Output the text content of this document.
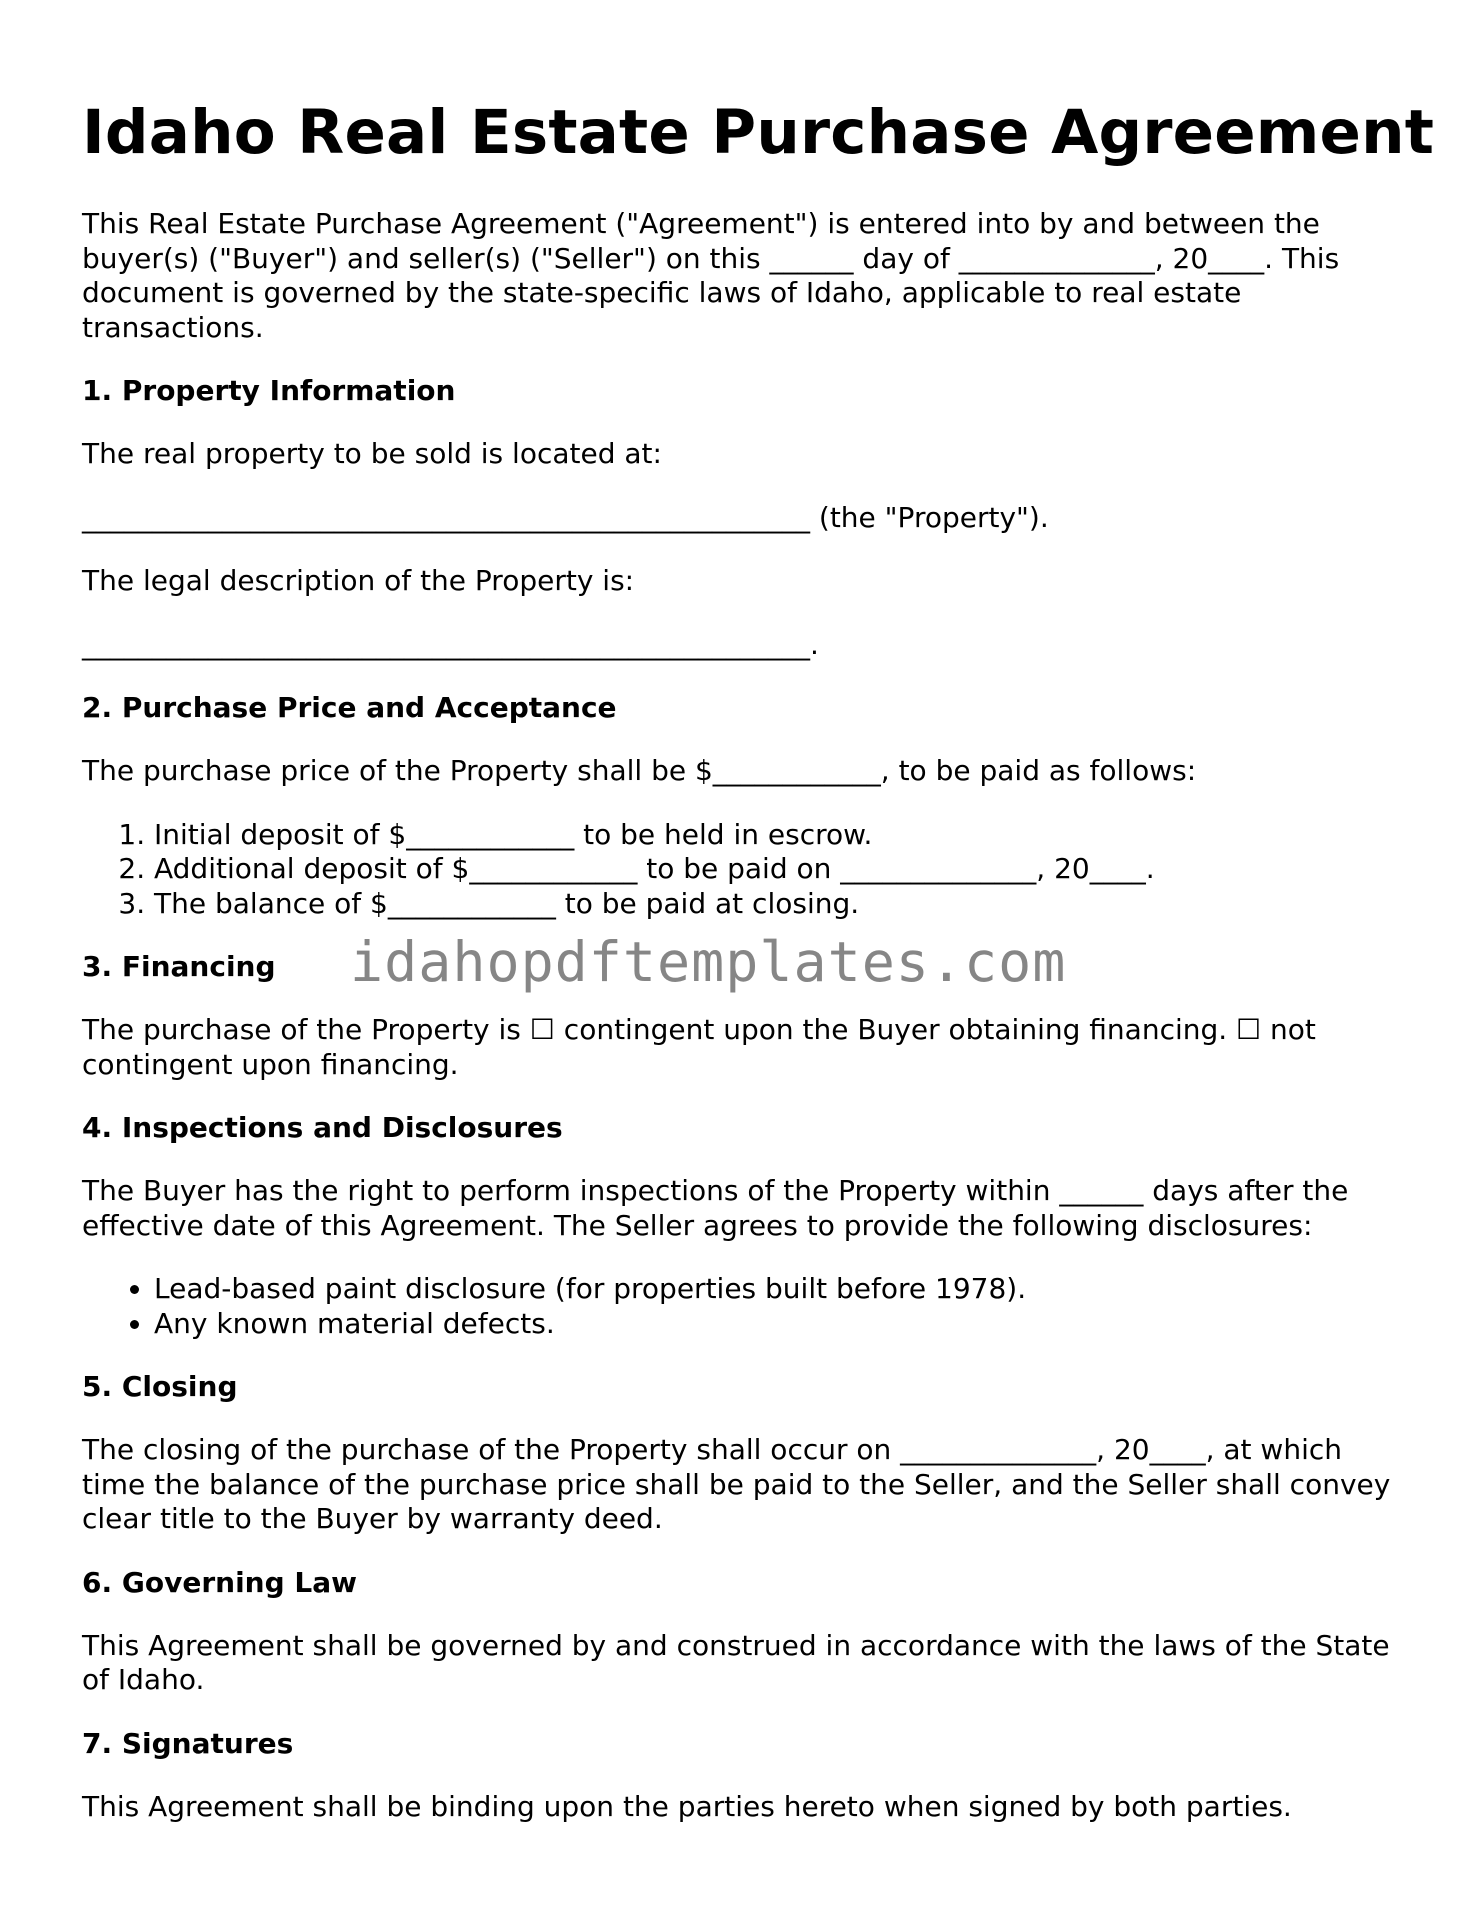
Idaho Real Estate Purchase Agreement

This Real Estate Purchase Agreement ("Agreement") is entered into by and between the buyer(s) ("Buyer") and seller(s) ("Seller") on this ______ day of ______________, 20____. This document is governed by the state-specific laws of Idaho, applicable to real estate transactions.

1. Property Information

The real property to be sold is located at:

____________________________________________________ (the "Property").

The legal description of the Property is:

____________________________________________________.

2. Purchase Price and Acceptance

The purchase price of the Property shall be $____________, to be paid as follows:

1. Initial deposit of $____________ to be held in escrow.
2. Additional deposit of $____________ to be paid on ______________, 20____.
3. The balance of $____________ to be paid at closing.
3. Financing

The purchase of the Property is ☐ contingent upon the Buyer obtaining financing. ☐ not contingent upon financing.

4. Inspections and Disclosures

The Buyer has the right to perform inspections of the Property within ______ days after the effective date of this Agreement. The Seller agrees to provide the following disclosures:

• Lead-based paint disclosure (for properties built before 1978).
• Any known material defects.
5. Closing

The closing of the purchase of the Property shall occur on ______________, 20____, at which time the balance of the purchase price shall be paid to the Seller, and the Seller shall convey clear title to the Buyer by warranty deed.

6. Governing Law

This Agreement shall be governed by and construed in accordance with the laws of the State of Idaho.

7. Signatures

This Agreement shall be binding upon the parties hereto when signed by both parties.

idahopdftemplates.com
